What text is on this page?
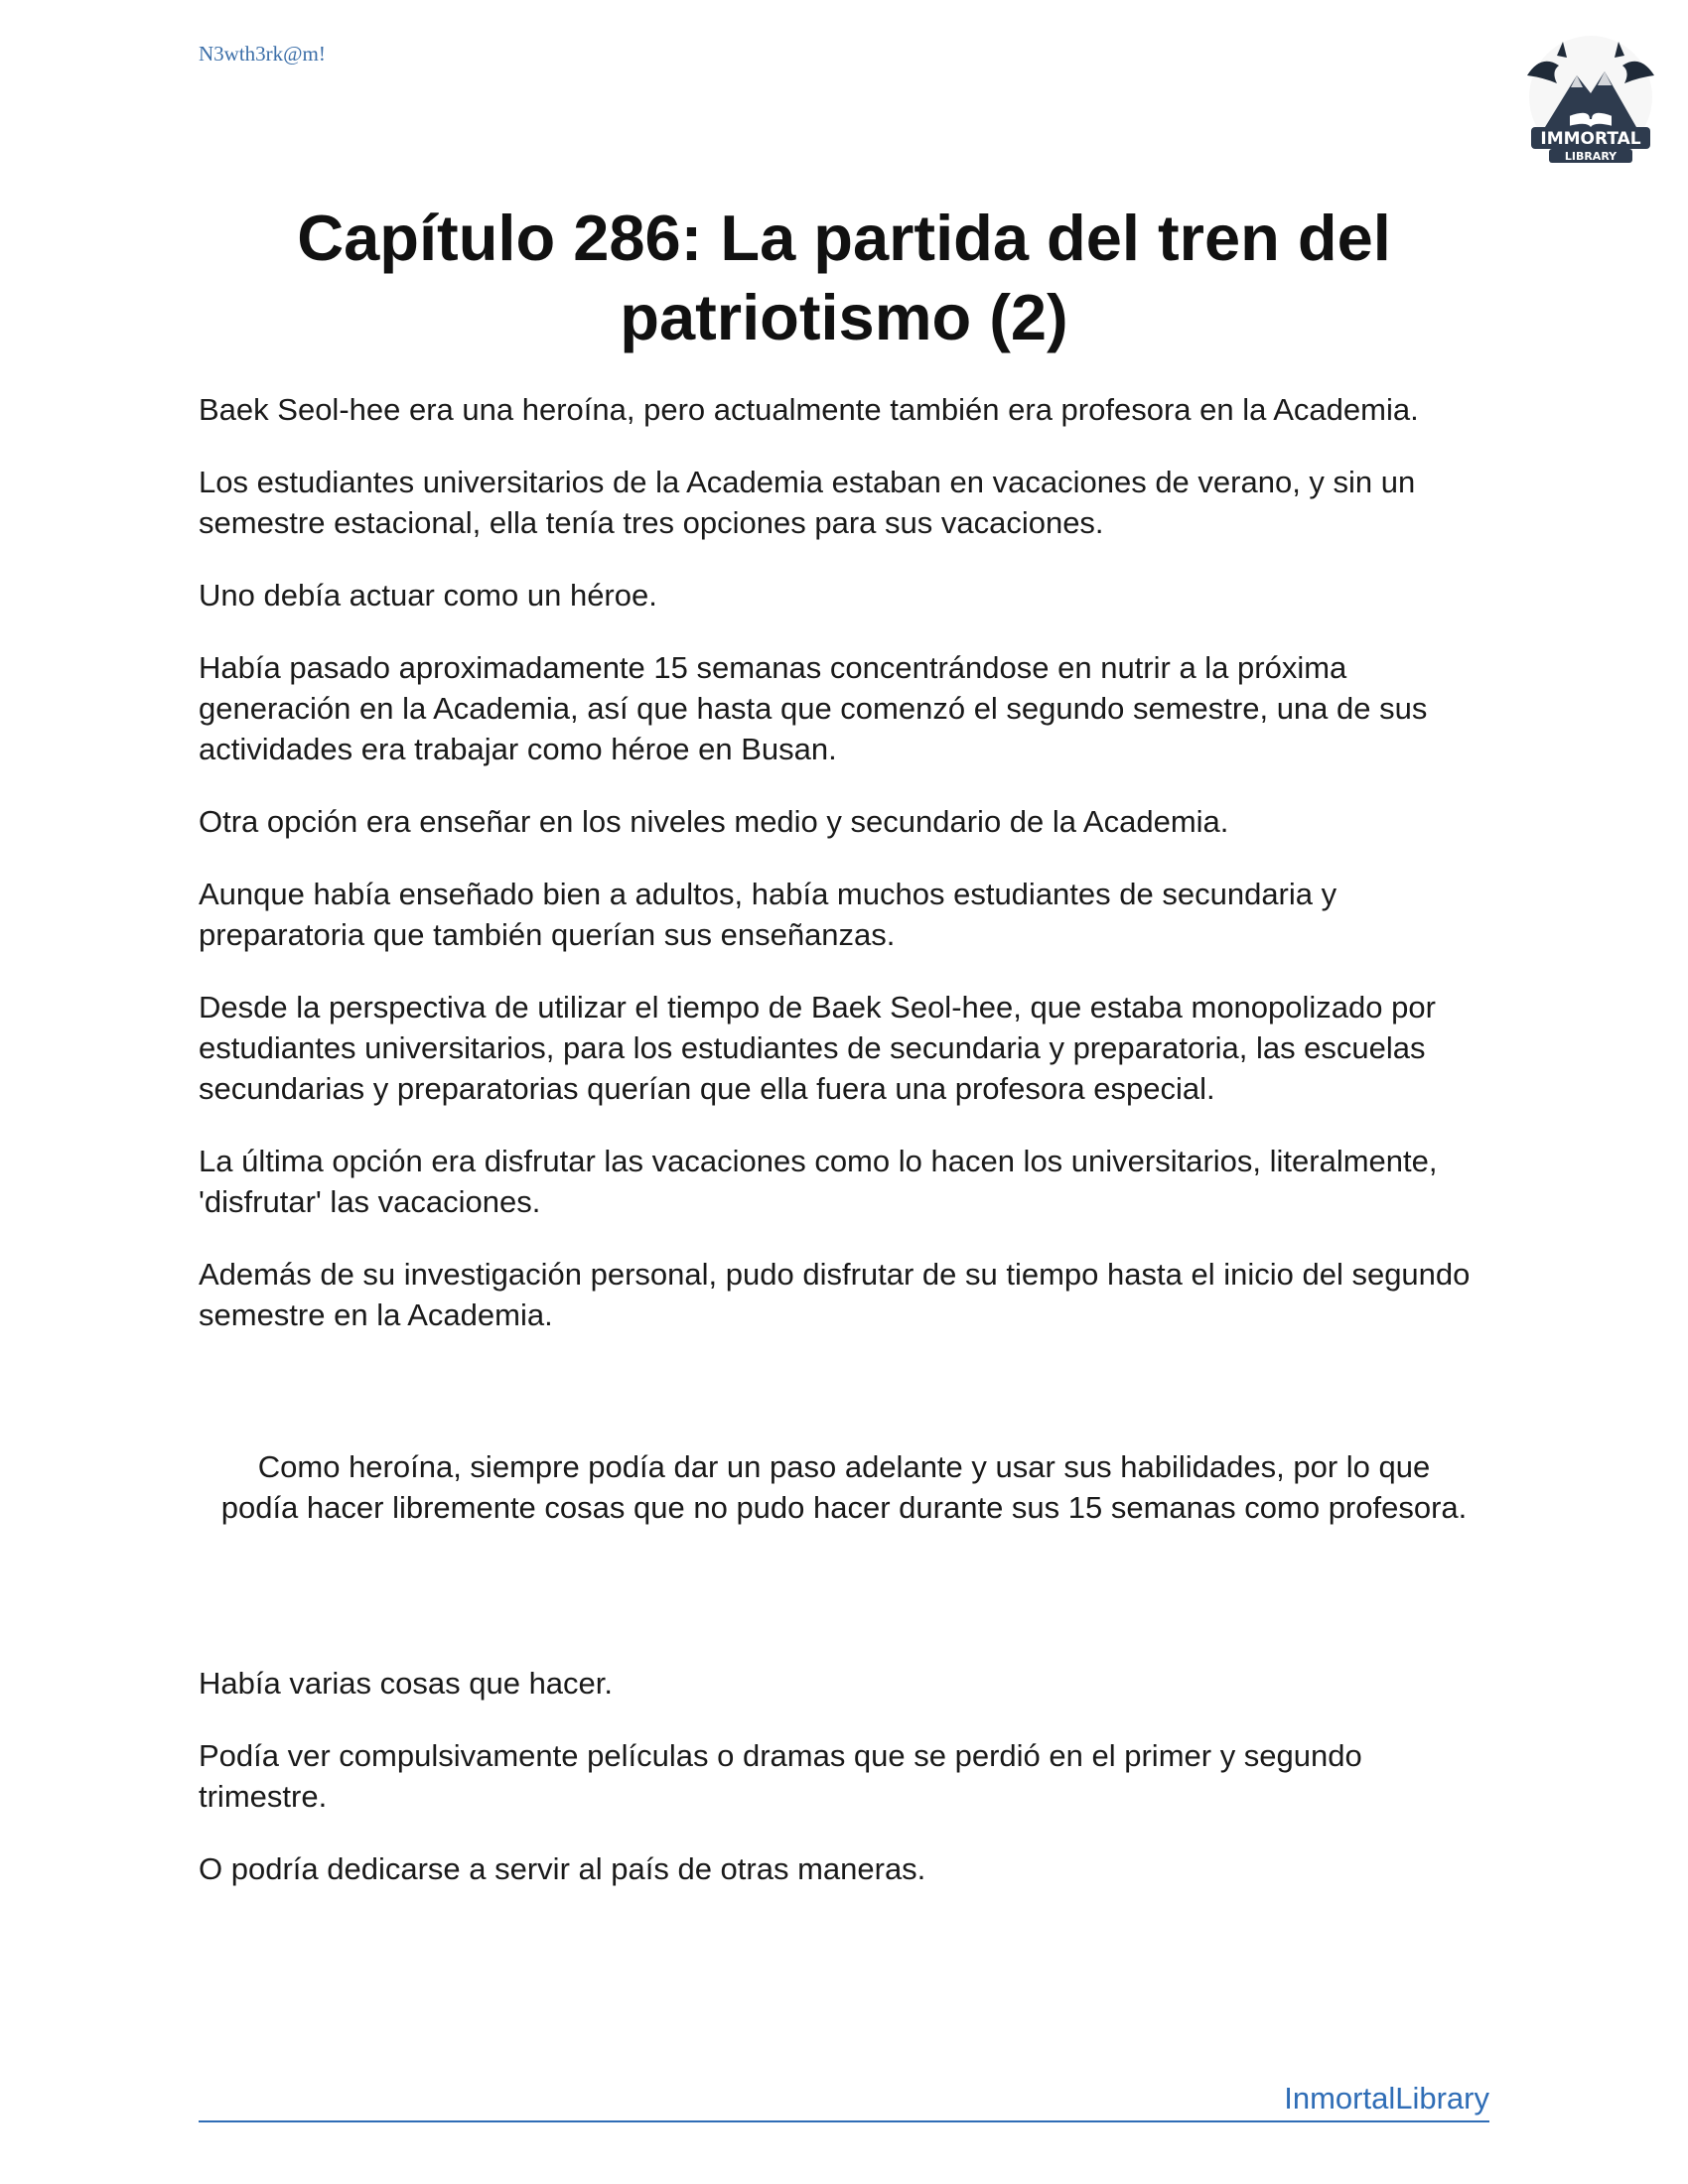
N3wth3rk@m!
IMMORTAL
LIBRARY
Capítulo 286: La partida del tren del patriotismo (2)

Baek Seol-hee era una heroína, pero actualmente también era profesora en la Academia.

Los estudiantes universitarios de la Academia estaban en vacaciones de verano, y sin un semestre estacional, ella tenía tres opciones para sus vacaciones.

Uno debía actuar como un héroe.

Había pasado aproximadamente 15 semanas concentrándose en nutrir a la próxima generación en la Academia, así que hasta que comenzó el segundo semestre, una de sus actividades era trabajar como héroe en Busan.

Otra opción era enseñar en los niveles medio y secundario de la Academia.

Aunque había enseñado bien a adultos, había muchos estudiantes de secundaria y preparatoria que también querían sus enseñanzas.

Desde la perspectiva de utilizar el tiempo de Baek Seol-hee, que estaba monopolizado por estudiantes universitarios, para los estudiantes de secundaria y preparatoria, las escuelas secundarias y preparatorias querían que ella fuera una profesora especial.

La última opción era disfrutar las vacaciones como lo hacen los universitarios, literalmente, 'disfrutar' las vacaciones.

Además de su investigación personal, pudo disfrutar de su tiempo hasta el inicio del segundo semestre en la Academia.

Como heroína, siempre podía dar un paso adelante y usar sus habilidades, por lo que podía hacer libremente cosas que no pudo hacer durante sus 15 semanas como profesora.

Había varias cosas que hacer.

Podía ver compulsivamente películas o dramas que se perdió en el primer y segundo trimestre.

O podría dedicarse a servir al país de otras maneras.

InmortalLibrary
